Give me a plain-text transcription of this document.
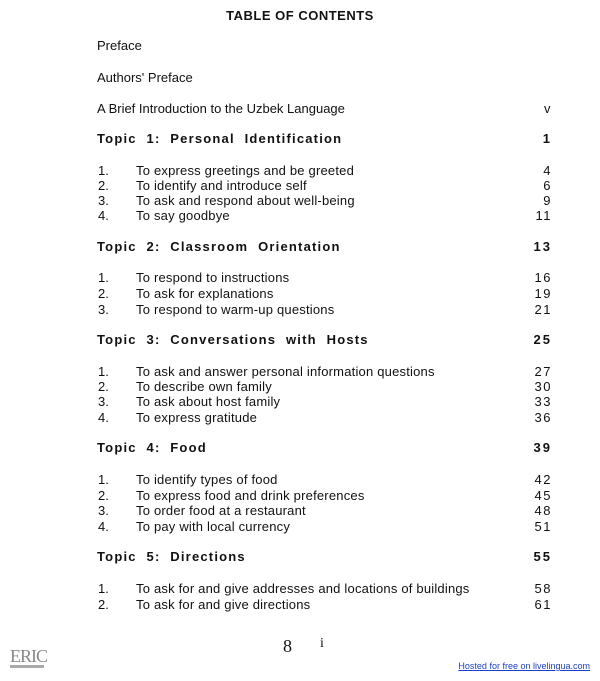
TABLE OF CONTENTS
Preface
Authors' Preface
A Brief Introduction to the Uzbek Language	v
Topic 1: Personal Identification	1
1. To express greetings and be greeted	4
2. To identify and introduce self	6
3. To ask and respond about well-being	9
4. To say goodbye	11
Topic 2: Classroom Orientation	13
1. To respond to instructions	16
2. To ask for explanations	19
3. To respond to warm-up questions	21
Topic 3: Conversations with Hosts	25
1. To ask and answer personal information questions	27
2. To describe own family	30
3. To ask about host family	33
4. To express gratitude	36
Topic 4: Food	39
1. To identify types of food	42
2. To express food and drink preferences	45
3. To order food at a restaurant	48
4. To pay with local currency	51
Topic 5: Directions	55
1. To ask for and give addresses and locations of buildings	58
2. To ask for and give directions	61
8 i
ERIC	Hosted for free on livelingua.com
